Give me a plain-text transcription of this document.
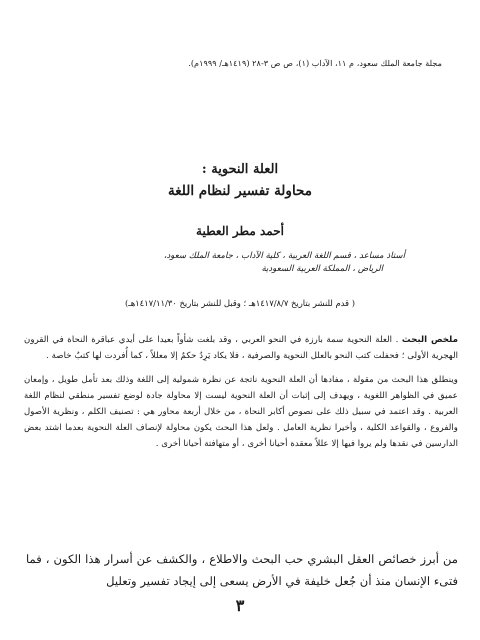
مجلة جامعة الملك سعود، م ١١، الآداب (١)، ص ص ٣-٢٨ (١٤١٩هـ/ ١٩٩٩م).
العلة النحوية :
محاولة تفسير لنظام اللغة
أحمد مطر العطية
أستاذ مساعد ، قسم اللغة العربية ، كلية الآداب ، جامعة الملك سعود،
الرياض ، المملكة العربية السعودية
( قدم للنشر بتاريخ ١٤١٧/٨/٧هـ ؛ وقبل للنشر بتاريخ ١٤١٧/١١/٣٠هـ)

ملخص البحث . العلة النحوية سمة بارزة في النحو العربي ، وقد بلغت شأواً بعيدا على أيدي عباقرة النحاة في القرون الهجرية الأولى ؛ فحفلت كتب النحو بالعلل النحوية والصرفية ، فلا يكاد يَرِدُ حكمٌ إلا معللاً ، كما أُفردت لها كتبٌ خاصة .

وينطلق هذا البحث من مقولة ، مفادها أن العلة النحوية ناتجة عن نظرة شمولية إلى اللغة وذلك بعد تأمل طويل ، وإمعان عميق في الظواهر اللغوية ، ويهدف إلى إثبات أن العلة النحوية ليست إلا محاولة جادة لوضع تفسير منطقي لنظام اللغة العربية . وقد اعتمد في سبيل ذلك على نصوص أكابر النحاة ، من خلال أربعة محاور هي : تصنيف الكلم ، ونظرية الأصول والفروع ، والقواعد الكلية ، وأخيرا نظرية العامل . ولعل هذا البحث يكون محاولة لإنصاف العلة النحوية بعدما اشتد بعض الدارسين في نقدها ولم يروا فيها إلا عللاً معقدة أحيانا أخرى ، أو متهافتة أحيانا أخرى .

من أبرز خصائص العقل البشري حب البحث والاطلاع ، والكشف عن أسرار هذا الكون ، فما فتىء الإنسان منذ أن جُعل خليفة في الأرض يسعى إلى إيجاد تفسير وتعليل
٣
